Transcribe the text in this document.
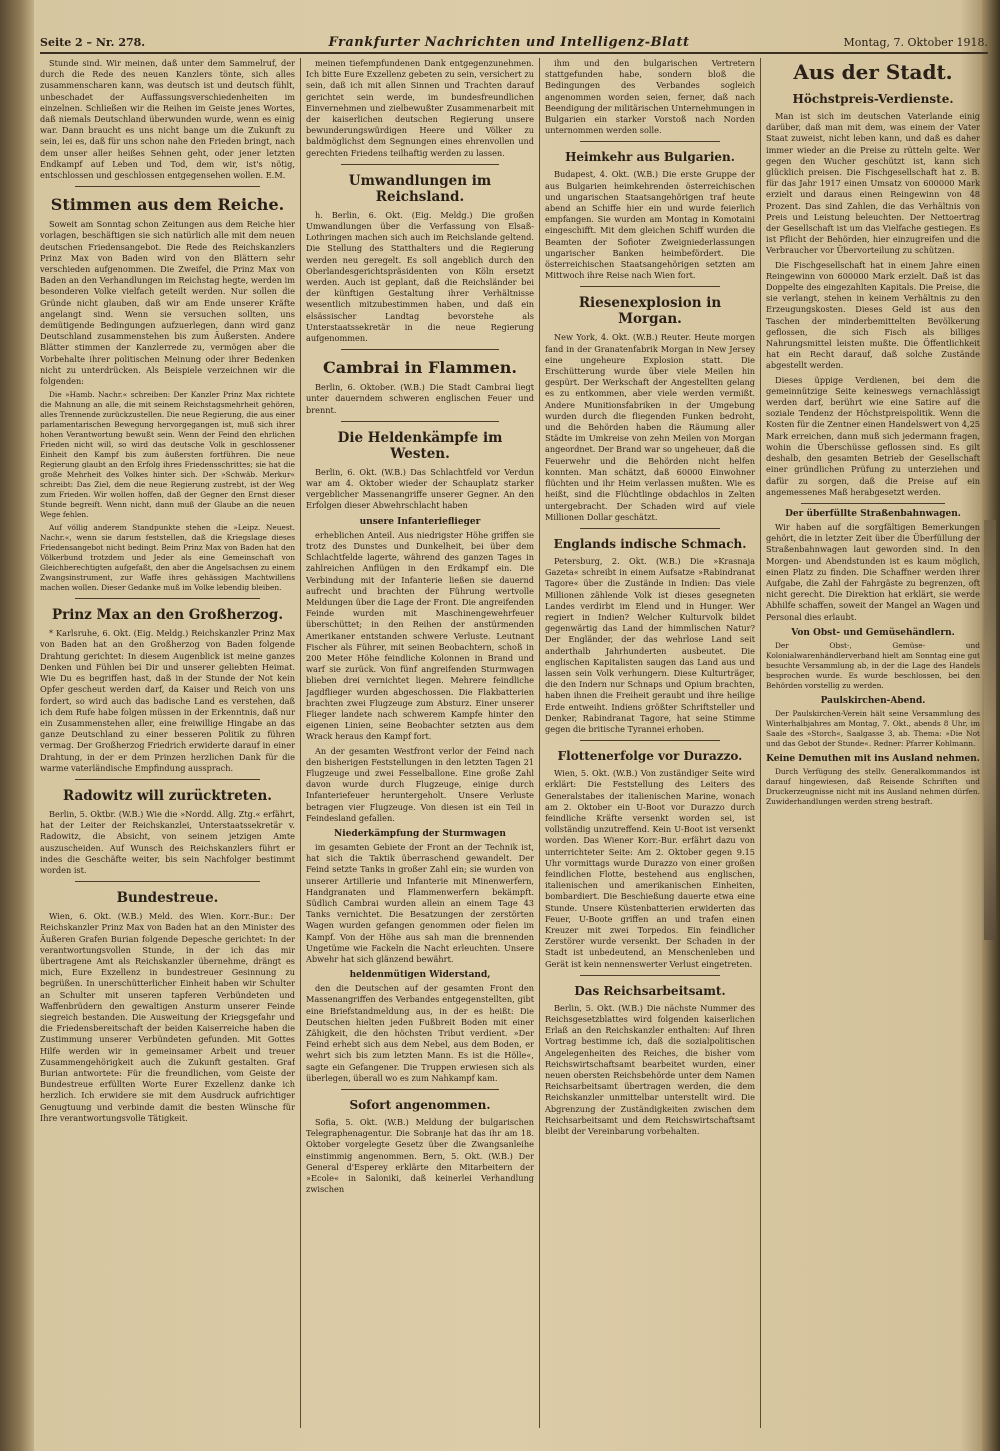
Seite 2 – Nr. 278.	Frankfurter Nachrichten und Intelligenz-Blatt	Montag, 7. Oktober 1918.

Stunde sind. Wir meinen, daß unter dem Sammelruf, der durch die Rede des neuen Kanzlers tönte, sich alles zusammenscharen kann, was deutsch ist und deutsch fühlt, unbeschadet der Auffassungsverschiedenheiten im einzelnen. Schließen wir die Reihen im Geiste jenes Wortes, daß niemals Deutschland überwunden wurde, wenn es einig war. Dann braucht es uns nicht bange um die Zukunft zu sein, lei es, daß für uns schon nahe den Frieden bringt, nach dem unser aller heißes Sehnen geht, oder jener letzten Endkampf auf Leben und Tod, dem wir, ist's nötig, entschlossen und geschlossen entgegensehen wollen. E.M.

Stimmen aus dem Reiche.

Soweit am Sonntag schon Zeitungen aus dem Reiche hier vorlagen, beschäftigen sie sich natürlich alle mit dem neuen deutschen Friedensangebot. Die Rede des Reichskanzlers Prinz Max von Baden wird von den Blättern sehr verschieden aufgenommen. Die Zweifel, die Prinz Max von Baden an den Verhandlungen im Reichstag hegte, werden im besonderen Volke vielfach geteilt werden. Nur sollen die Gründe nicht glauben, daß wir am Ende unserer Kräfte angelangt sind. Wenn sie versuchen sollten, uns demütigende Bedingungen aufzuerlegen, dann wird ganz Deutschland zusammenstehen bis zum Äußersten. Andere Blätter stimmen der Kanzlerrede zu, vermögen aber die Vorbehalte ihrer politischen Meinung oder ihrer Bedenken nicht zu unterdrücken. Als Beispiele verzeichnen wir die folgenden:

Die »Hamb. Nachr.« schreiben: Der Kanzler Prinz Max richtete die Mahnung an alle, die mit seinem Reichstagsmehrheit gehören, alles Trennende zurückzustellen. Die neue Regierung, die aus einer parlamentarischen Bewegung hervorgegangen ist, muß sich ihrer hohen Verantwortung bewußt sein. Wenn der Feind den ehrlichen Frieden nicht will, so wird das deutsche Volk in geschlossener Einheit den Kampf bis zum äußersten fortführen. Die neue Regierung glaubt an den Erfolg ihres Friedensschrittes; sie hat die große Mehrheit des Volkes hinter sich. Der »Schwäb. Merkur« schreibt: Das Ziel, dem die neue Regierung zustrebt, ist der Weg zum Frieden. Wir wollen hoffen, daß der Gegner den Ernst dieser Stunde begreift. Wenn nicht, dann muß der Glaube an die neuen Wege fehlen.

Auf völlig anderem Standpunkte stehen die »Leipz. Neuest. Nachr.«, wenn sie darum feststellen, daß die Kriegslage dieses Friedensangebot nicht bedingt. Beim Prinz Max von Baden hat den Völkerbund trotzdem und Jeder als eine Gemeinschaft von Gleichberechtigten aufgefaßt, den aber die Angelsachsen zu einem Zwangsinstrument, zur Waffe ihres gehässigen Machtwillens machen wollen. Dieser Gedanke muß im Volke lebendig bleiben.

Prinz Max an den Großherzog.

* Karlsruhe, 6. Okt. (Eig. Meldg.) Reichskanzler Prinz Max von Baden hat an den Großherzog von Baden folgende Drahtung gerichtet: In diesem Augenblick ist meine ganzes Denken und Fühlen bei Dir und unserer geliebten Heimat. Wie Du es begriffen hast, daß in der Stunde der Not kein Opfer gescheut werden darf, da Kaiser und Reich von uns fordert, so wird auch das badische Land es verstehen, daß ich dem Rufe habe folgen müssen in der Erkenntnis, daß nur ein Zusammenstehen aller, eine freiwillige Hingabe an das ganze Deutschland zu einer besseren Politik zu führen vermag. Der Großherzog Friedrich erwiderte darauf in einer Drahtung, in der er dem Prinzen herzlichen Dank für die warme vaterländische Empfindung aussprach.

Radowitz will zurücktreten.

Berlin, 5. Oktbr. (W.B.) Wie die »Nordd. Allg. Ztg.« erfährt, hat der Leiter der Reichskanzlei, Unterstaatssekretär v. Radowitz, die Absicht, von seinem jetzigen Amte auszuscheiden. Auf Wunsch des Reichskanzlers führt er indes die Geschäfte weiter, bis sein Nachfolger bestimmt worden ist.

Bundestreue.

Wien, 6. Okt. (W.B.) Meld. des Wien. Korr.-Bur.: Der Reichskanzler Prinz Max von Baden hat an den Minister des Äußeren Grafen Burian folgende Depesche gerichtet: In der verantwortungsvollen Stunde, in der ich das mir übertragene Amt als Reichskanzler übernehme, drängt es mich, Eure Exzellenz in bundestreuer Gesinnung zu begrüßen. In unerschütterlicher Einheit haben wir Schulter an Schulter mit unseren tapferen Verbündeten und Waffenbrüdern den gewaltigen Ansturm unserer Feinde siegreich bestanden. Die Ausweitung der Kriegsgefahr und die Friedensbereitschaft der beiden Kaiserreiche haben die Zustimmung unserer Verbündeten gefunden. Mit Gottes Hilfe werden wir in gemeinsamer Arbeit und treuer Zusammengehörigkeit auch die Zukunft gestalten. Graf Burian antwortete: Für die freundlichen, vom Geiste der Bundestreue erfüllten Worte Eurer Exzellenz danke ich herzlich. Ich erwidere sie mit dem Ausdruck aufrichtiger Genugtuung und verbinde damit die besten Wünsche für Ihre verantwortungsvolle Tätigkeit.

meinen tiefempfundenen Dank entgegenzunehmen. Ich bitte Eure Exzellenz gebeten zu sein, versichert zu sein, daß ich mit allen Sinnen und Trachten darauf gerichtet sein werde, im bundesfreundlichen Einvernehmen und zielbewußter Zusammenarbeit mit der kaiserlichen deutschen Regierung unsere bewunderungswürdigen Heere und Völker zu baldmöglichst dem Segnungen eines ehrenvollen und gerechten Friedens teilhaftig werden zu lassen.

Umwandlungen im Reichsland.

h. Berlin, 6. Okt. (Eig. Meldg.) Die großen Umwandlungen über die Verfassung von Elsaß-Lothringen machen sich auch im Reichslande geltend. Die Stellung des Statthalters und die Regierung werden neu geregelt. Es soll angeblich durch den Oberlandesgerichtspräsidenten von Köln ersetzt werden. Auch ist geplant, daß die Reichsländer bei der künftigen Gestaltung ihrer Verhältnisse wesentlich mitzubestimmen haben, und daß ein elsässischer Landtag bevorstehe als Unterstaatssekretär in die neue Regierung aufgenommen.

Cambrai in Flammen.

Berlin, 6. Oktober. (W.B.) Die Stadt Cambrai liegt unter dauerndem schweren englischen Feuer und brennt.

Die Heldenkämpfe im Westen.

Berlin, 6. Okt. (W.B.) Das Schlachtfeld vor Verdun war am 4. Oktober wieder der Schauplatz starker vergeblicher Massenangriffe unserer Gegner. An den Erfolgen dieser Abwehrschlacht haben

unsere Infanterieflieger

erheblichen Anteil. Aus niedrigster Höhe griffen sie trotz des Dunstes und Dunkelheit, bei über dem Schlachtfelde lagerte, während des ganzen Tages in zahlreichen Anflügen in den Erdkampf ein. Die Verbindung mit der Infanterie ließen sie dauernd aufrecht und brachten der Führung wertvolle Meldungen über die Lage der Front. Die angreifenden Feinde wurden mit Maschinengewehrfeuer überschüttet; in den Reihen der anstürmenden Amerikaner entstanden schwere Verluste. Leutnant Fischer als Führer, mit seinen Beobachtern, schoß in 200 Meter Höhe feindliche Kolonnen in Brand und warf sie zurück. Von fünf angreifenden Sturmwagen blieben drei vernichtet liegen. Mehrere feindliche Jagdflieger wurden abgeschossen. Die Flakbatterien brachten zwei Flugzeuge zum Absturz. Einer unserer Flieger landete nach schwerem Kampfe hinter den eigenen Linien, seine Beobachter setzten aus dem Wrack heraus den Kampf fort.

An der gesamten Westfront verlor der Feind nach den bisherigen Feststellungen in den letzten Tagen 21 Flugzeuge und zwei Fesselballone. Eine große Zahl davon wurde durch Flugzeuge, einige durch Infanteriefeuer heruntergeholt. Unsere Verluste betragen vier Flugzeuge. Von diesen ist ein Teil in Feindesland gefallen.

Niederkämpfung der Sturmwagen

im gesamten Gebiete der Front an der Technik ist, hat sich die Taktik überraschend gewandelt. Der Feind setzte Tanks in großer Zahl ein; sie wurden von unserer Artillerie und Infanterie mit Minenwerfern, Handgranaten und Flammenwerfern bekämpft. Südlich Cambrai wurden allein an einem Tage 43 Tanks vernichtet. Die Besatzungen der zerstörten Wagen wurden gefangen genommen oder fielen im Kampf. Von der Höhe aus sah man die brennenden Ungetüme wie Fackeln die Nacht erleuchten. Unsere Abwehr hat sich glänzend bewährt.

heldenmütigen Widerstand,

den die Deutschen auf der gesamten Front den Massenangriffen des Verbandes entgegenstellten, gibt eine Briefstandmeldung aus, in der es heißt: Die Deutschen hielten jeden Fußbreit Boden mit einer Zähigkeit, die den höchsten Tribut verdient. »Der Feind erhebt sich aus dem Nebel, aus dem Boden, er wehrt sich bis zum letzten Mann. Es ist die Hölle«, sagte ein Gefangener. Die Truppen erwiesen sich als überlegen, überall wo es zum Nahkampf kam.

Sofort angenommen.

Sofia, 5. Okt. (W.B.) Meldung der bulgarischen Telegraphenagentur. Die Sobranje hat das ihr am 18. Oktober vorgelegte Gesetz über die Zwangsanleihe einstimmig angenommen. Bern, 5. Okt. (W.B.) Der General d'Esperey erklärte den Mitarbeitern der »Ecole« in Saloniki, daß keinerlei Verhandlung zwischen

ihm und den bulgarischen Vertretern stattgefunden habe, sondern bloß die Bedingungen des Verbandes sogleich angenommen worden seien, ferner, daß nach Beendigung der militärischen Unternehmungen in Bulgarien ein starker Vorstoß nach Norden unternommen werden solle.

Heimkehr aus Bulgarien.

Budapest, 4. Okt. (W.B.) Die erste Gruppe der aus Bulgarien heimkehrenden österreichischen und ungarischen Staatsangehörigen traf heute abend an Schiffe hier ein und wurde feierlich empfangen. Sie wurden am Montag in Komotaini eingeschifft. Mit dem gleichen Schiff wurden die Beamten der Sofioter Zweigniederlassungen ungarischer Banken heimbefördert. Die österreichischen Staatsangehörigen setzten am Mittwoch ihre Reise nach Wien fort.

Riesenexplosion in Morgan.

New York, 4. Okt. (W.B.) Reuter. Heute morgen fand in der Granatenfabrik Morgan in New Jersey eine ungeheure Explosion statt. Die Erschütterung wurde über viele Meilen hin gespürt. Der Werkschaft der Angestellten gelang es zu entkommen, aber viele werden vermißt. Andere Munitionsfabriken in der Umgebung wurden durch die fliegenden Funken bedroht, und die Behörden haben die Räumung aller Städte im Umkreise von zehn Meilen von Morgan angeordnet. Der Brand war so ungeheuer, daß die Feuerwehr und die Behörden nicht helfen konnten. Man schätzt, daß 60000 Einwohner flüchten und ihr Heim verlassen mußten. Wie es heißt, sind die Flüchtlinge obdachlos in Zelten untergebracht. Der Schaden wird auf viele Millionen Dollar geschätzt.

Englands indische Schmach.

Petersburg, 2. Okt. (W.B.) Die »Krasnaja Gazeta« schreibt in einem Aufsatze »Rabindranat Tagore« über die Zustände in Indien: Das viele Millionen zählende Volk ist dieses gesegneten Landes verdirbt im Elend und in Hunger. Wer regiert in Indien? Welcher Kulturvolk bildet gegenwärtig das Land der himmlischen Natur? Der Engländer, der das wehrlose Land seit anderthalb Jahrhunderten ausbeutet. Die englischen Kapitalisten saugen das Land aus und lassen sein Volk verhungern. Diese Kulturträger, die den Indern nur Schnaps und Opium brachten, haben ihnen die Freiheit geraubt und ihre heilige Erde entweiht. Indiens größter Schriftsteller und Denker, Rabindranat Tagore, hat seine Stimme gegen die britische Tyrannei erhoben.

Flottenerfolge vor Durazzo.

Wien, 5. Okt. (W.B.) Von zuständiger Seite wird erklärt: Die Feststellung des Leiters des Generalstabes der italienischen Marine, wonach am 2. Oktober ein U-Boot vor Durazzo durch feindliche Kräfte versenkt worden sei, ist vollständig unzutreffend. Kein U-Boot ist versenkt worden. Das Wiener Korr.-Bur. erfährt dazu von unterrichteter Seite: Am 2. Oktober gegen 9.15 Uhr vormittags wurde Durazzo von einer großen feindlichen Flotte, bestehend aus englischen, italienischen und amerikanischen Einheiten, bombardiert. Die Beschießung dauerte etwa eine Stunde. Unsere Küstenbatterien erwiderten das Feuer, U-Boote griffen an und trafen einen Kreuzer mit zwei Torpedos. Ein feindlicher Zerstörer wurde versenkt. Der Schaden in der Stadt ist unbedeutend, an Menschenleben und Gerät ist kein nennenswerter Verlust eingetreten.

Das Reichsarbeitsamt.

Berlin, 5. Okt. (W.B.) Die nächste Nummer des Reichsgesetzblattes wird folgenden kaiserlichen Erlaß an den Reichskanzler enthalten: Auf Ihren Vortrag bestimme ich, daß die sozialpolitischen Angelegenheiten des Reiches, die bisher vom Reichswirtschaftsamt bearbeitet wurden, einer neuen obersten Reichsbehörde unter dem Namen Reichsarbeitsamt übertragen werden, die dem Reichskanzler unmittelbar unterstellt wird. Die Abgrenzung der Zuständigkeiten zwischen dem Reichsarbeitsamt und dem Reichswirtschaftsamt bleibt der Vereinbarung vorbehalten.

Aus der Stadt.
Höchstpreis-Verdienste.

Man ist sich im deutschen Vaterlande einig darüber, daß man mit dem, was einem der Vater Staat zuweist, nicht leben kann, und daß es daher immer wieder an die Preise zu rütteln gelte. Wer gegen den Wucher geschützt ist, kann sich glücklich preisen. Die Fischgesellschaft hat z. B. für das Jahr 1917 einen Umsatz von 600000 Mark erzielt und daraus einen Reingewinn von 48 Prozent. Das sind Zahlen, die das Verhältnis von Preis und Leistung beleuchten. Der Nettoertrag der Gesellschaft ist um das Vielfache gestiegen. Es ist Pflicht der Behörden, hier einzugreifen und die Verbraucher vor Übervorteilung zu schützen.

Die Fischgesellschaft hat in einem Jahre einen Reingewinn von 600000 Mark erzielt. Daß ist das Doppelte des eingezahlten Kapitals. Die Preise, die sie verlangt, stehen in keinem Verhältnis zu den Erzeugungskosten. Dieses Geld ist aus den Taschen der minderbemittelten Bevölkerung geflossen, die sich Fisch als billiges Nahrungsmittel leisten mußte. Die Öffentlichkeit hat ein Recht darauf, daß solche Zustände abgestellt werden.

Dieses üppige Verdienen, bei dem die gemeinnützige Seite keineswegs vernachlässigt werden darf, berührt wie eine Satire auf die soziale Tendenz der Höchstpreispolitik. Wenn die Kosten für die Zentner einen Handelswert von 4,25 Mark erreichen, dann muß sich jedermann fragen, wohin die Überschüsse geflossen sind. Es gilt deshalb, den gesamten Betrieb der Gesellschaft einer gründlichen Prüfung zu unterziehen und dafür zu sorgen, daß die Preise auf ein angemessenes Maß herabgesetzt werden.

Der überfüllte Straßenbahnwagen.

Wir haben auf die sorgfältigen Bemerkungen gehört, die in letzter Zeit über die Überfüllung der Straßenbahnwagen laut geworden sind. In den Morgen- und Abendstunden ist es kaum möglich, einen Platz zu finden. Die Schaffner werden ihrer Aufgabe, die Zahl der Fahrgäste zu begrenzen, oft nicht gerecht. Die Direktion hat erklärt, sie werde Abhilfe schaffen, soweit der Mangel an Wagen und Personal dies erlaubt.

Von Obst- und Gemüsehändlern.

Der Obst-, Gemüse- und Kolonialwarenhändlerverband hielt am Sonntag eine gut besuchte Versammlung ab, in der die Lage des Handels besprochen wurde. Es wurde beschlossen, bei den Behörden vorstellig zu werden.

Paulskirchen-Abend.

Der Paulskirchen-Verein hält seine Versammlung des Winterhalbjahres am Montag, 7. Okt., abends 8 Uhr, im Saale des »Storch«, Saalgasse 3, ab. Thema: »Die Not und das Gebot der Stunde«. Redner: Pfarrer Kohlmann.

Keine Demuthen mit ins Ausland nehmen.

Durch Verfügung des stellv. Generalkommandos ist darauf hingewiesen, daß Reisende Schriften und Druckerzeugnisse nicht mit ins Ausland nehmen dürfen. Zuwiderhandlungen werden streng bestraft.
